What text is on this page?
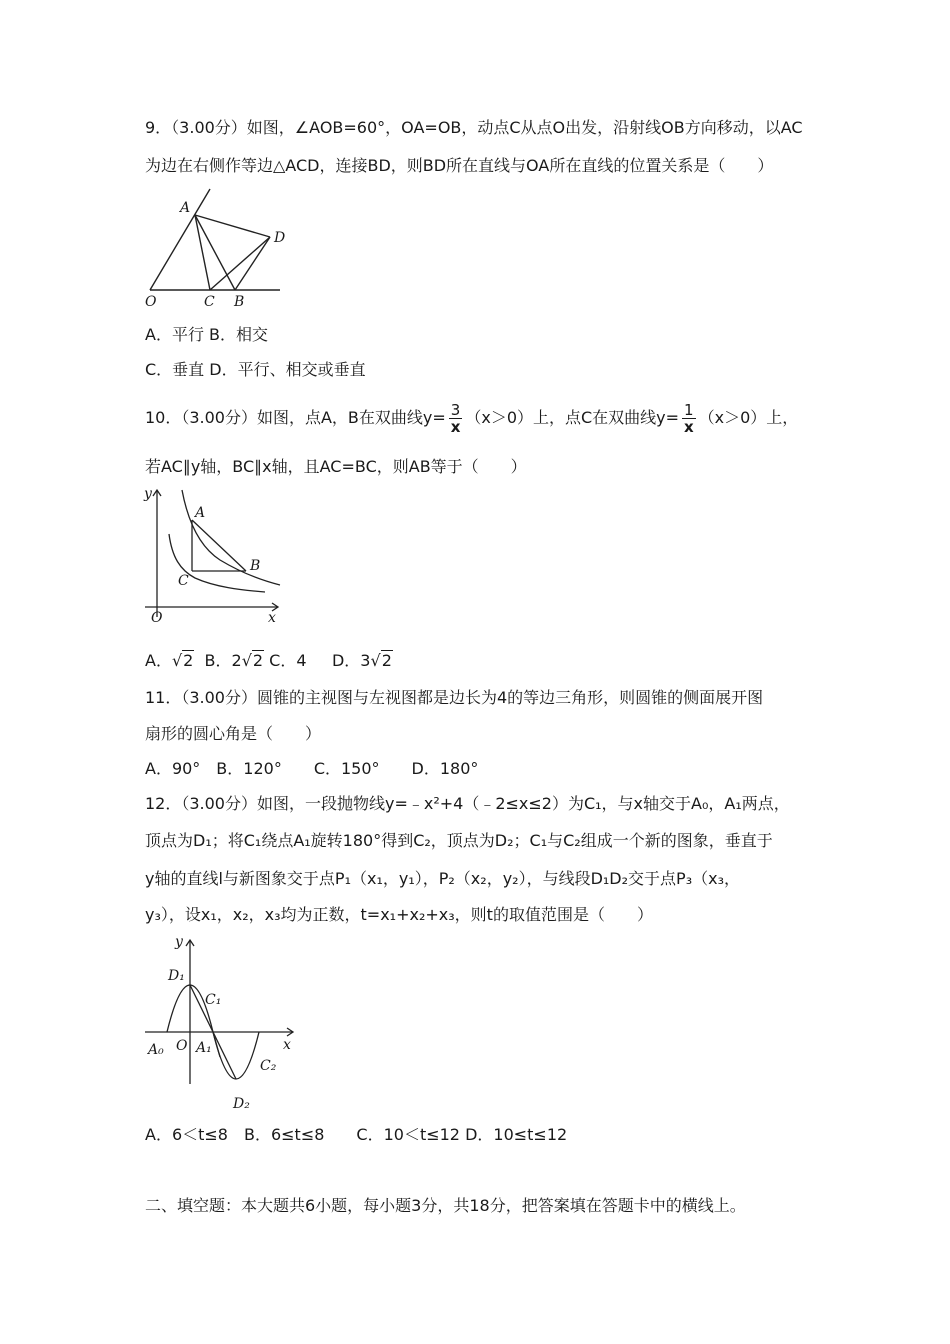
9．（3.00分）如图，∠AOB=60°，OA=OB，动点C从点O出发，沿射线OB方向移动，以AC
为边在右侧作等边△ACD，连接BD，则BD所在直线与OA所在直线的位置关系是（　　）
A
D
O	C B
A．平行 B．相交
C．垂直 D．平行、相交或垂直
10．（3.00分）如图，点A，B在双曲线$y= \frac{3}{x} (x>0)$上，点C在双曲线$y= \frac{1}{x} (x>0)$上，
若AC∥y轴，BC∥x轴，且AC=BC，则AB等于（　　）
y
A
B
C
O	x
A．√2 B．2√2 C．4 D．3√2
11．（3.00分）圆锥的主视图与左视图都是边长为4的等边三角形，则圆锥的侧面展开图
扇形的圆心角是（　　）
A．90°　B．120°　　C．150°　　D．180°
12．（3.00分）如图，一段抛物线y=﹣x²+4（﹣2≤x≤2）为C₁，与x轴交于A₀，A₁两点，
顶点为D₁；将C₁绕点A₁旋转180°得到C₂，顶点为D₂；C₁与C₂组成一个新的图象，垂直于
y轴的直线l与新图象交于点P₁（x₁，y₁），P₂（x₂，y₂），与线段D₁D₂交于点P₃（x₃，
y₃），设x₁，x₂，x₃均为正数，t=x₁+x₂+x₃，则t的取值范围是（　　）
y
D₁
C₁
A₀ O A₁	x
C₂
D₂
A．6＜t≤8　B．6≤t≤8　　C．10＜t≤12 D．10≤t≤12
二、填空题：本大题共6小题，每小题3分，共18分，把答案填在答题卡中的横线上。
